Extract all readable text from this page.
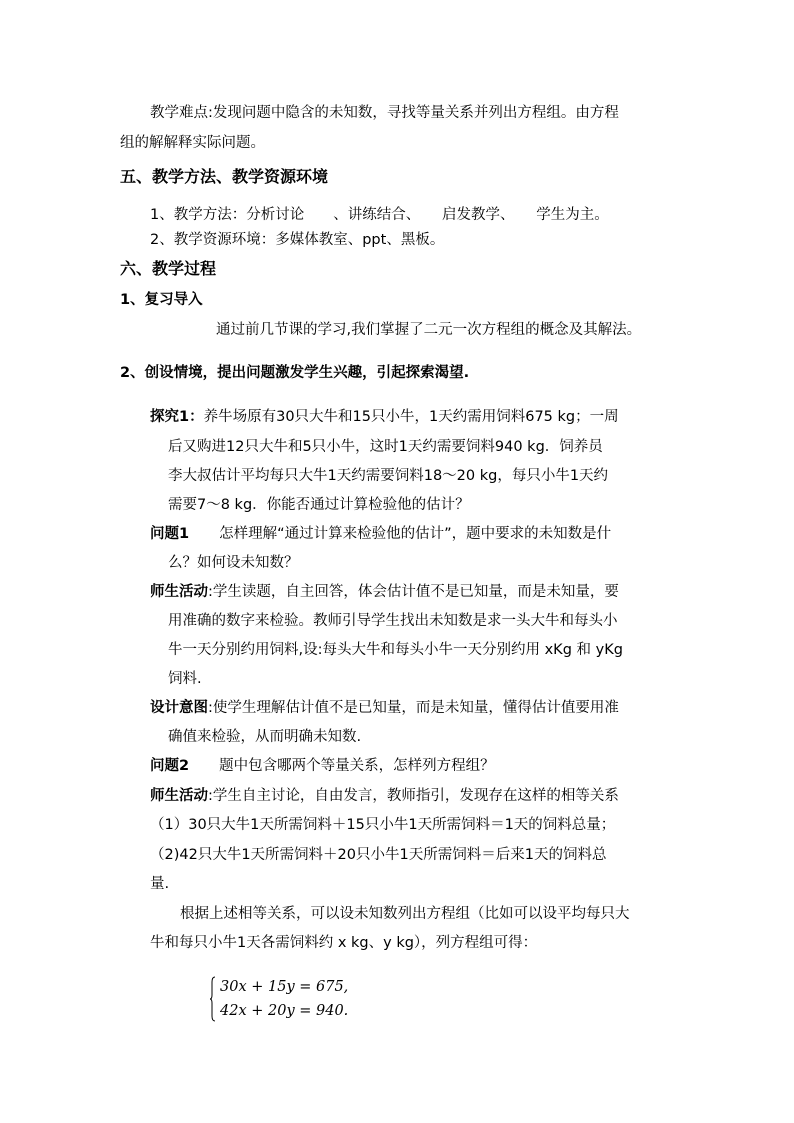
教学难点:发现问题中隐含的未知数，寻找等量关系并列出方程组。由方程
组的解解释实际问题。
五、教学方法、教学资源环境
1、教学方法：分析讨论　　、讲练结合、　　启发教学、　　学生为主。
2、教学资源环境：多媒体教室、ppt、黑板。
六、教学过程
1、复习导入
通过前几节课的学习,我们掌握了二元一次方程组的概念及其解法。
2、创设情境，提出问题激发学生兴趣，引起探索渴望.
探究1：养牛场原有30只大牛和15只小牛，1天约需用饲料675 kg；一周
后又购进12只大牛和5只小牛，这时1天约需要饲料940 kg．饲养员
李大叔估计平均每只大牛1天约需要饲料18～20 kg，每只小牛1天约
需要7～8 kg．你能否通过计算检验他的估计？
问题1 怎样理解“通过计算来检验他的估计”，题中要求的未知数是什
么？如何设未知数？
师生活动:学生读题，自主回答，体会估计值不是已知量，而是未知量，要
用准确的数字来检验。教师引导学生找出未知数是求一头大牛和每头小
牛一天分别约用饲料,设:每头大牛和每头小牛一天分别约用 xKg 和 yKg
饲料.
设计意图:使学生理解估计值不是已知量，而是未知量，懂得估计值要用准
确值来检验，从而明确未知数.
问题2 题中包含哪两个等量关系，怎样列方程组？
师生活动:学生自主讨论，自由发言，教师指引，发现存在这样的相等关系
（1）30只大牛1天所需饲料＋15只小牛1天所需饲料＝1天的饲料总量；
（2)42只大牛1天所需饲料＋20只小牛1天所需饲料＝后来1天的饲料总
量.
根据上述相等关系，可以设未知数列出方程组（比如可以设平均每只大
牛和每只小牛1天各需饲料约 x kg、y kg），列方程组可得：
30x + 15y = 675,
42x + 20y = 940.
